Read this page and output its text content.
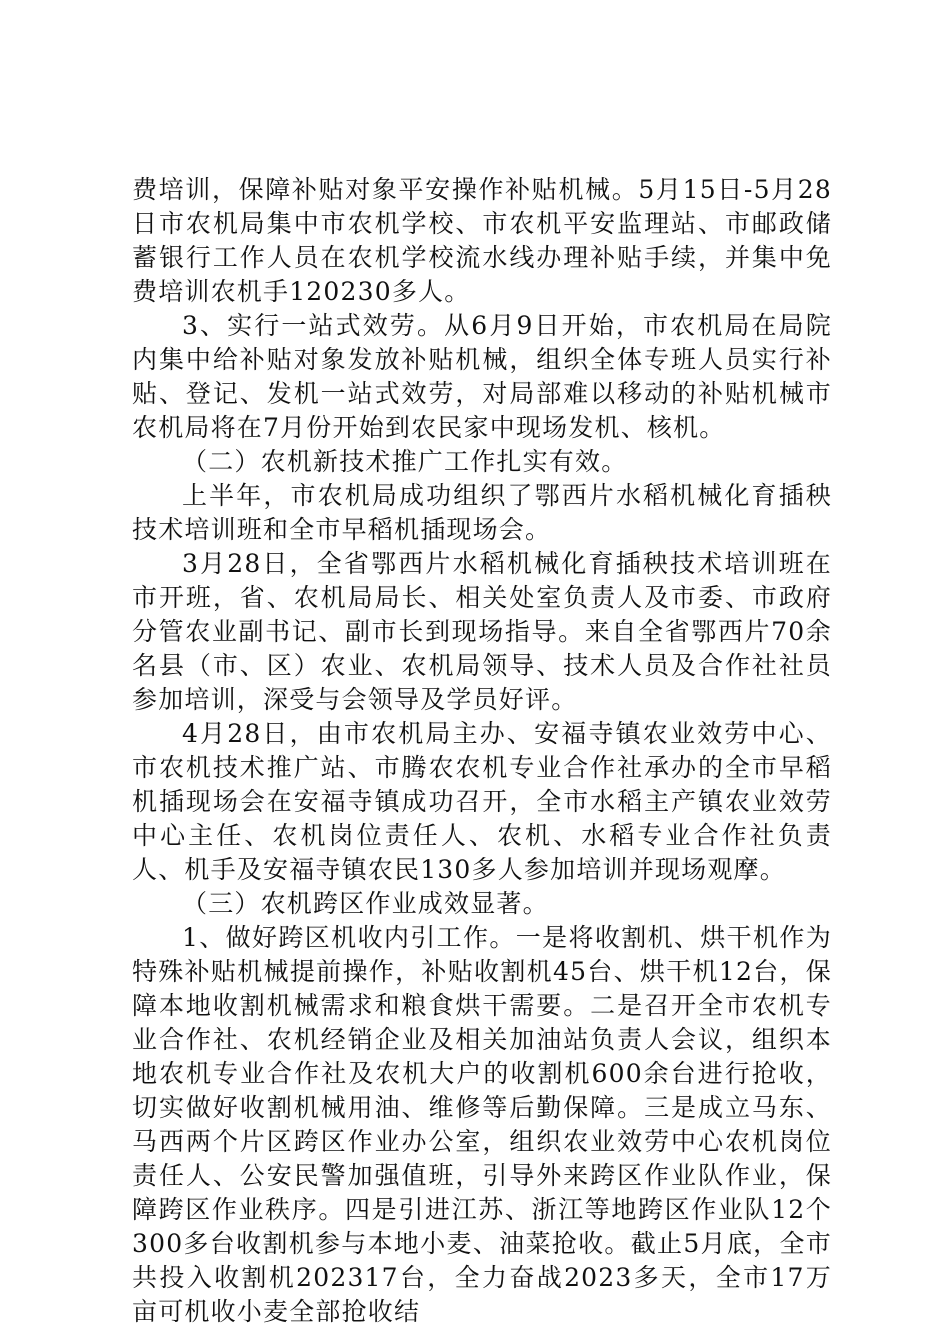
费培训，保障补贴对象平安操作补贴机械。5月15日-5月28日市农机局集中市农机学校、市农机平安监理站、市邮政储蓄银行工作人员在农机学校流水线办理补贴手续，并集中免费培训农机手120230多人。

3、实行一站式效劳。从6月9日开始，市农机局在局院内集中给补贴对象发放补贴机械，组织全体专班人员实行补贴、登记、发机一站式效劳，对局部难以移动的补贴机械市农机局将在7月份开始到农民家中现场发机、核机。

（二）农机新技术推广工作扎实有效。

上半年，市农机局成功组织了鄂西片水稻机械化育插秧技术培训班和全市早稻机插现场会。

3月28日，全省鄂西片水稻机械化育插秧技术培训班在市开班，省、农机局局长、相关处室负责人及市委、市政府分管农业副书记、副市长到现场指导。来自全省鄂西片70余名县（市、区）农业、农机局领导、技术人员及合作社社员参加培训，深受与会领导及学员好评。

4月28日，由市农机局主办、安福寺镇农业效劳中心、市农机技术推广站、市腾农农机专业合作社承办的全市早稻机插现场会在安福寺镇成功召开，全市水稻主产镇农业效劳中心主任、农机岗位责任人、农机、水稻专业合作社负责人、机手及安福寺镇农民130多人参加培训并现场观摩。

（三）农机跨区作业成效显著。

1、做好跨区机收内引工作。一是将收割机、烘干机作为特殊补贴机械提前操作，补贴收割机45台、烘干机12台，保障本地收割机械需求和粮食烘干需要。二是召开全市农机专业合作社、农机经销企业及相关加油站负责人会议，组织本地农机专业合作社及农机大户的收割机600余台进行抢收，切实做好收割机械用油、维修等后勤保障。三是成立马东、马西两个片区跨区作业办公室，组织农业效劳中心农机岗位责任人、公安民警加强值班，引导外来跨区作业队作业，保障跨区作业秩序。四是引进江苏、浙江等地跨区作业队12个300多台收割机参与本地小麦、油菜抢收。截止5月底，全市共投入收割机202317台，全力奋战2023多天，全市17万亩可机收小麦全部抢收结
